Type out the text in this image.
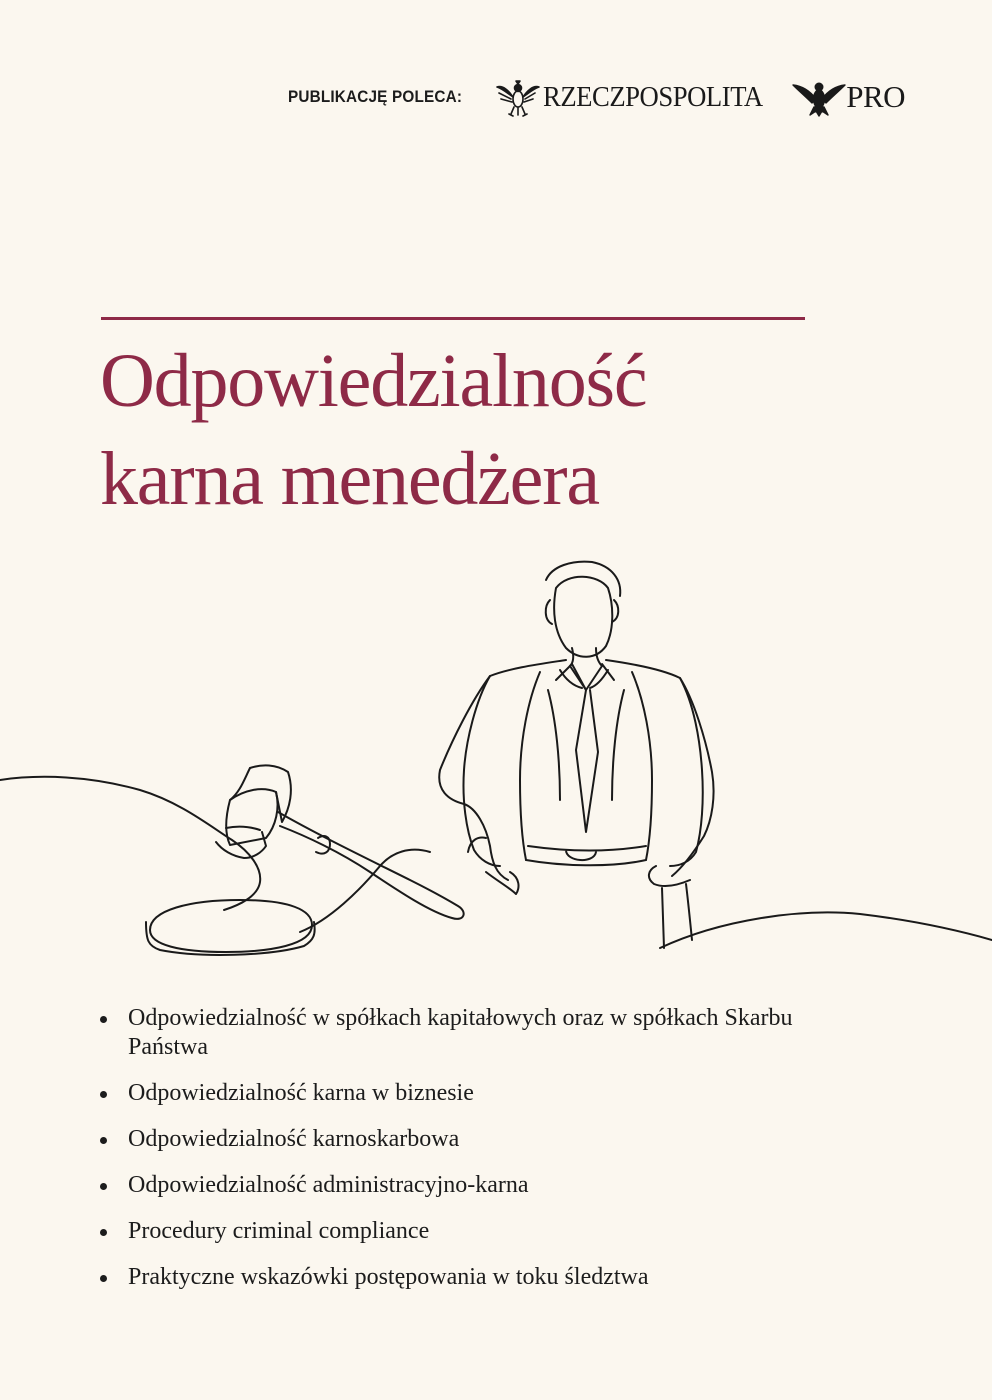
PUBLIKACJĘ POLECA:	RZECZPOSPOLITA	PRO
Odpowiedzialność
karna menedżera
Odpowiedzialność w spółkach kapitałowych oraz w spółkach Skarbu Państwa
Odpowiedzialność karna w biznesie
Odpowiedzialność karnoskarbowa
Odpowiedzialność administracyjno-karna
Procedury criminal compliance
Praktyczne wskazówki postępowania w toku śledztwa
